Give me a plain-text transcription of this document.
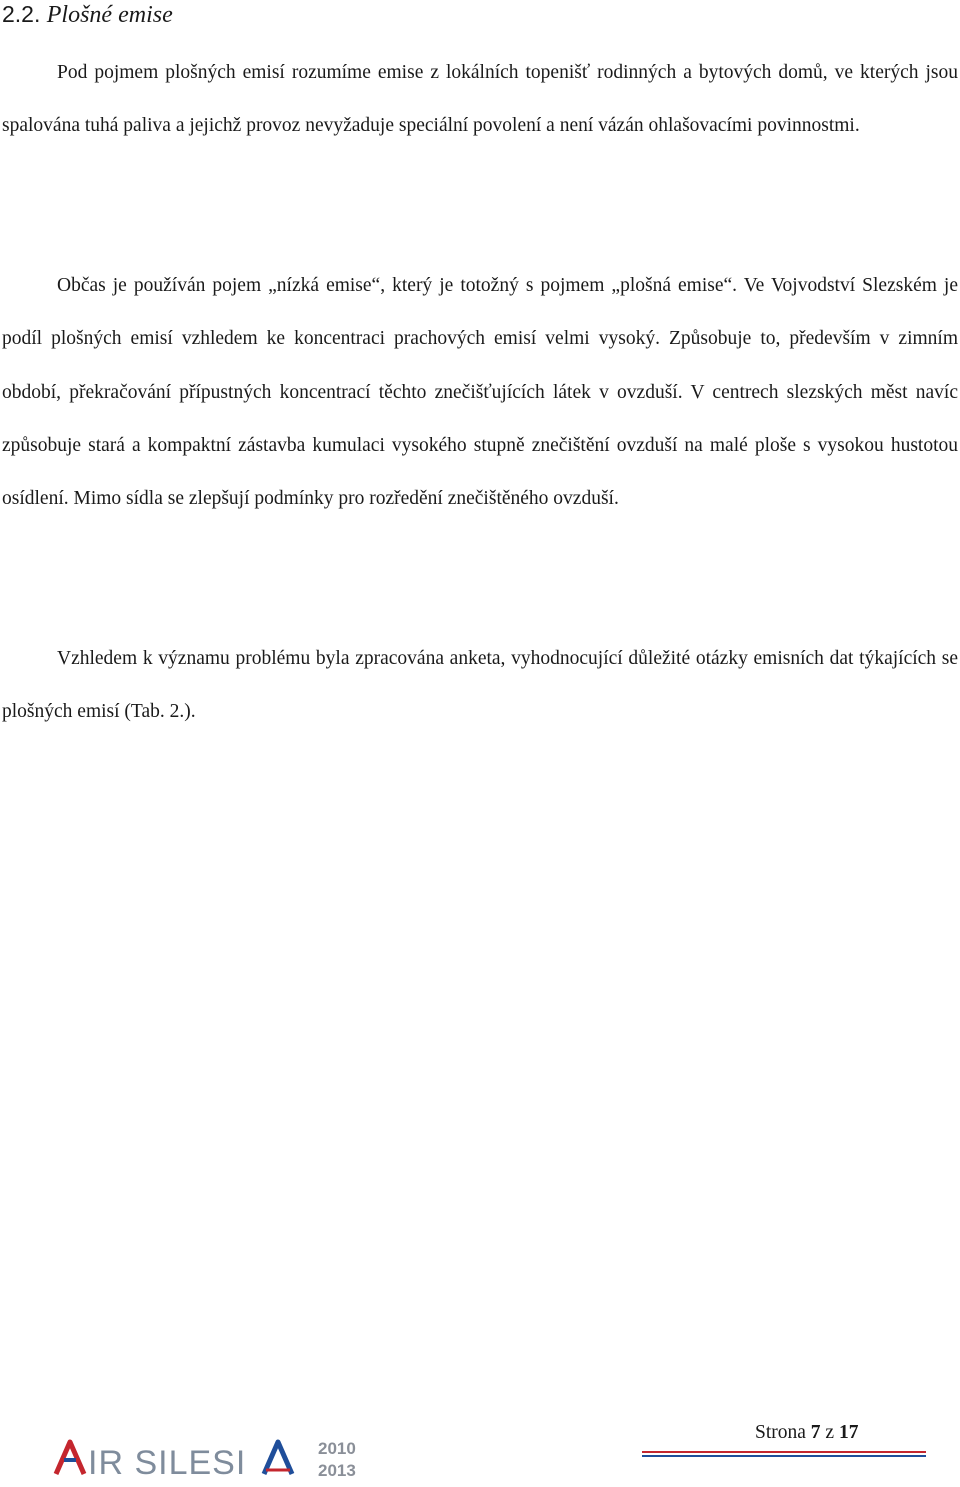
2.2. Plošné emise

Pod pojmem plošných emisí rozumíme emise z lokálních topenišť rodinných a bytových domů, ve kterých jsou spalována tuhá paliva a jejichž provoz nevyžaduje speciální povolení a není vázán ohlašovacími povinnostmi.

Občas je používán pojem „nízká emise“, který je totožný s pojmem „plošná emise“. Ve Vojvodství Slezském je podíl plošných emisí vzhledem ke koncentraci prachových emisí velmi vysoký. Způsobuje to, především v zimním období, překračování přípustných koncentrací těchto znečišťujících látek v ovzduší. V centrech slezských měst navíc způsobuje stará a kompaktní zástavba kumulaci vysokého stupně znečištění ovzduší na malé ploše s vysokou hustotou osídlení. Mimo sídla se zlepšují podmínky pro rozředění znečištěného ovzduší.

Vzhledem k významu problému byla zpracována anketa, vyhodnocující důležité otázky emisních dat týkajících se plošných emisí (Tab. 2.).

IR SILESI	2010
2013
Strona 7 z 17
